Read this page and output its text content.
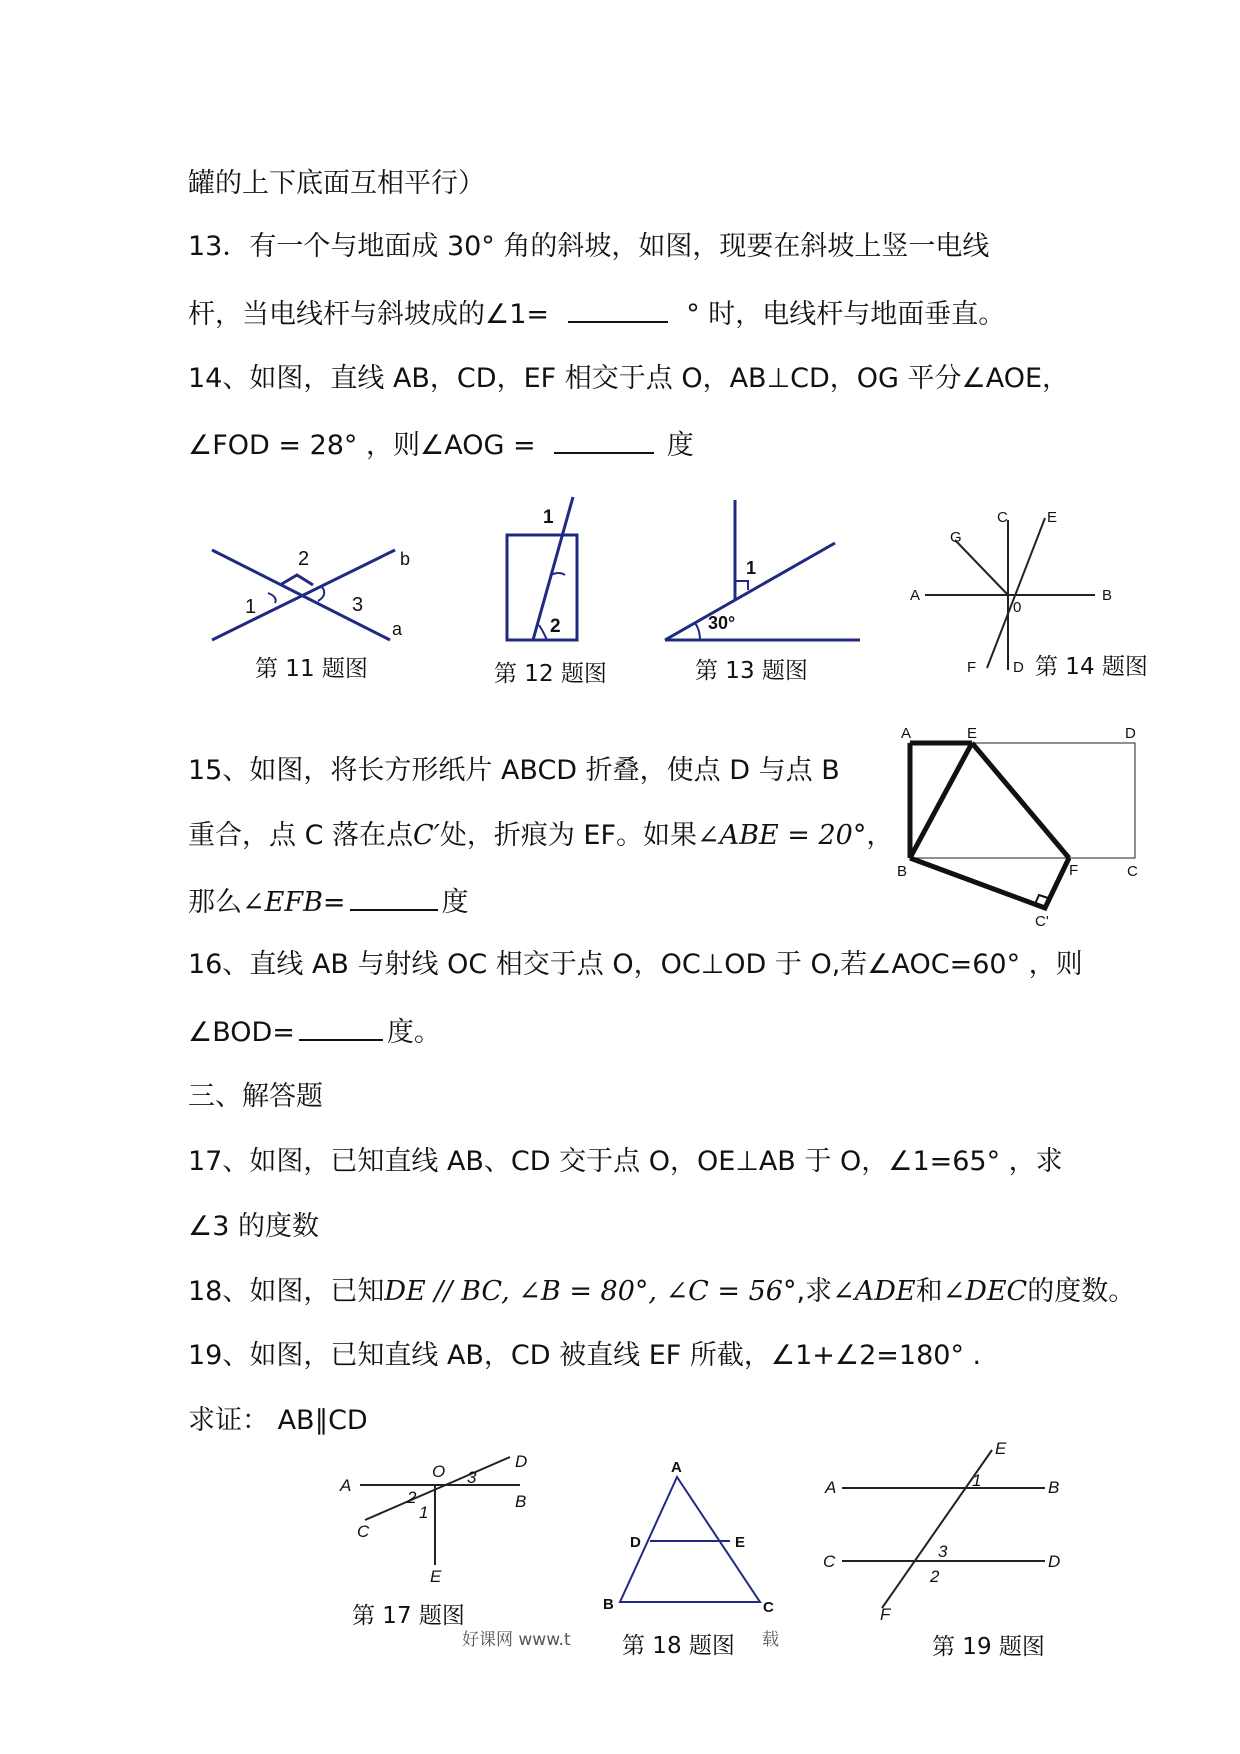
罐的上下底面互相平行）
13．有一个与地面成 30° 角的斜坡，如图，现要在斜坡上竖一电线
杆，当电线杆与斜坡成的∠1=	° 时，电线杆与地面垂直。
14、如图，直线 AB，CD，EF 相交于点 O，AB⊥CD，OG 平分∠AOE，
∠FOD = 28° ，则∠AOG =	度
15、如图，将长方形纸片 ABCD 折叠，使点 D 与点 B
重合，点 C 落在点C′处，折痕为 EF。如果∠ABE = 20°，
那么∠EFB=	度
16、直线 AB 与射线 OC 相交于点 O，OC⊥OD 于 O,若∠AOC=60° ，则
∠BOD=	度。
三、解答题
17、如图，已知直线 AB、CD 交于点 O，OE⊥AB 于 O，∠1=65° ，求
∠3 的度数
18、如图，已知DE // BC, ∠B = 80°, ∠C = 56°,求∠ADE和∠DEC的度数。
19、如图，已知直线 AB，CD 被直线 EF 所截，∠1+∠2=180° .
求证： AB∥CD
2
1	3
b
a
第 11 题图
1
2
第 12 题图
1
30°
第 13 题图
A	B
C	E
G
0
F D 第 14 题图
A	E	D
B	F	C
C'
A
B
C
D
E
O
1
2
3
第 17 题图
A
D	E
B	C
第 18 题图
A	B
C	D
E
F
1
2
3
第 19 题图
好课网 www.t	载
